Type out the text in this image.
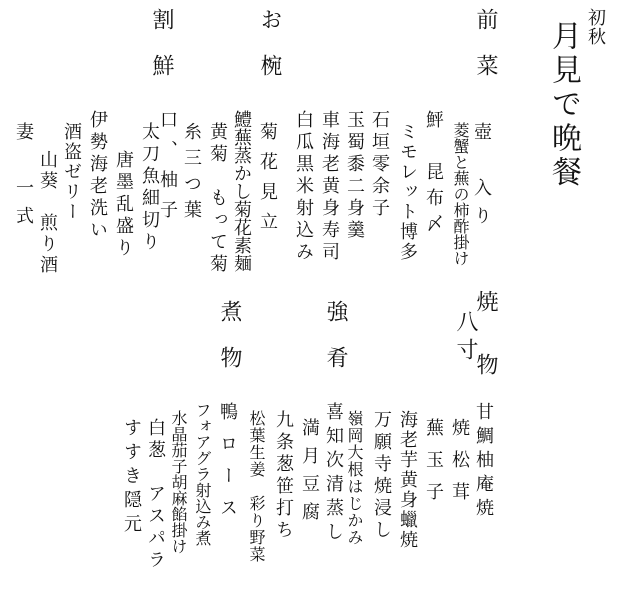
初秋
月見で晩餐
前菜
壺　入り
菱蟹と蕪の柿酢掛け
鮃　昆布〆
ミモレット博多
石垣零余子
玉蜀黍二身羹
車海老黄身寿司
白瓜黒米射込み
お椀
菊花見立
鱧蕪蒸かし菊花素麺
黄菊　もって菊
糸三つ葉
口、柚子
割鮮
太刀魚細切り
唐墨乱盛り
伊勢海老洗い
酒盗ゼリー
山葵　煎り酒
妻　一式
焼 物
八寸
甘鯛柚庵焼
焼松茸
蕪玉子
海老芋黄身蠟焼
万願寺焼浸し
嶺岡大根はじかみ
強肴
喜知次清蒸し
満月豆腐
九条葱笹打ち
松葉生姜　彩り野菜
煮物
鴨ロース
フォアグラ射込み煮
水晶茄子胡麻餡掛け
白葱　アスパラ
すすき隠元
